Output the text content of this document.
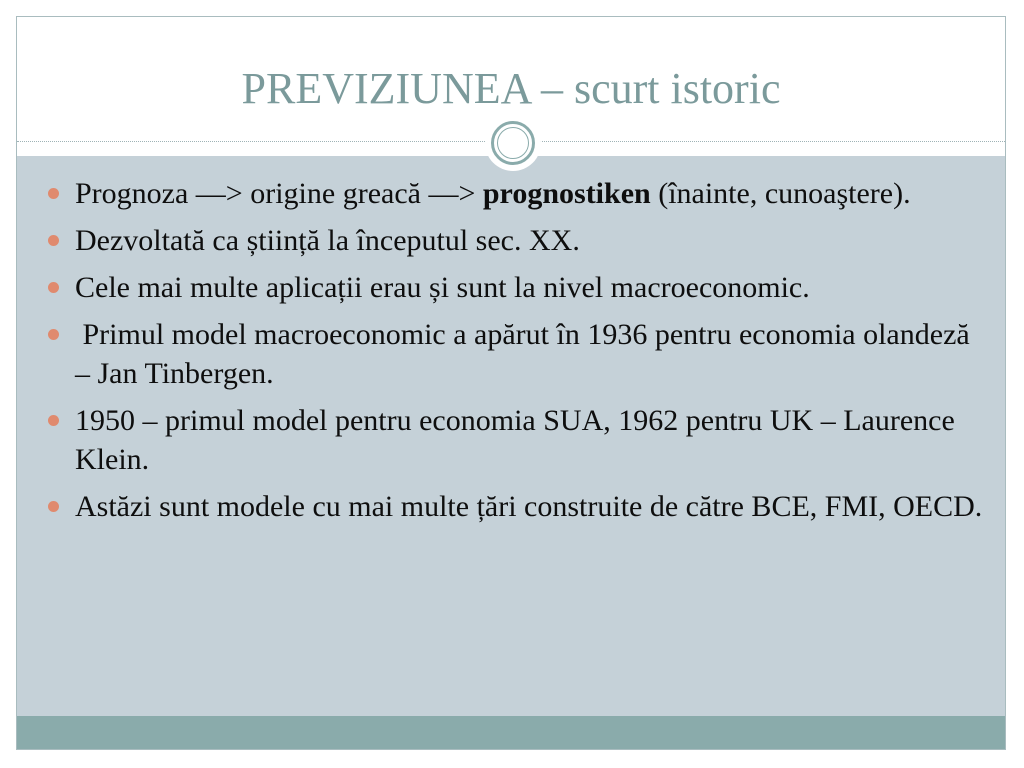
PREVIZIUNEA – scurt istoric
Prognoza —> origine greacă —> prognostiken (înainte, cunoaştere).
Dezvoltată ca știință la începutul sec. XX.
Cele mai multe aplicații erau și sunt la nivel macroeconomic.
Primul model macroeconomic a apărut în 1936 pentru economia olandeză – Jan Tinbergen.
1950 – primul model pentru economia SUA, 1962 pentru UK – Laurence Klein.
Astăzi sunt modele cu mai multe țări construite de către BCE, FMI, OECD.
